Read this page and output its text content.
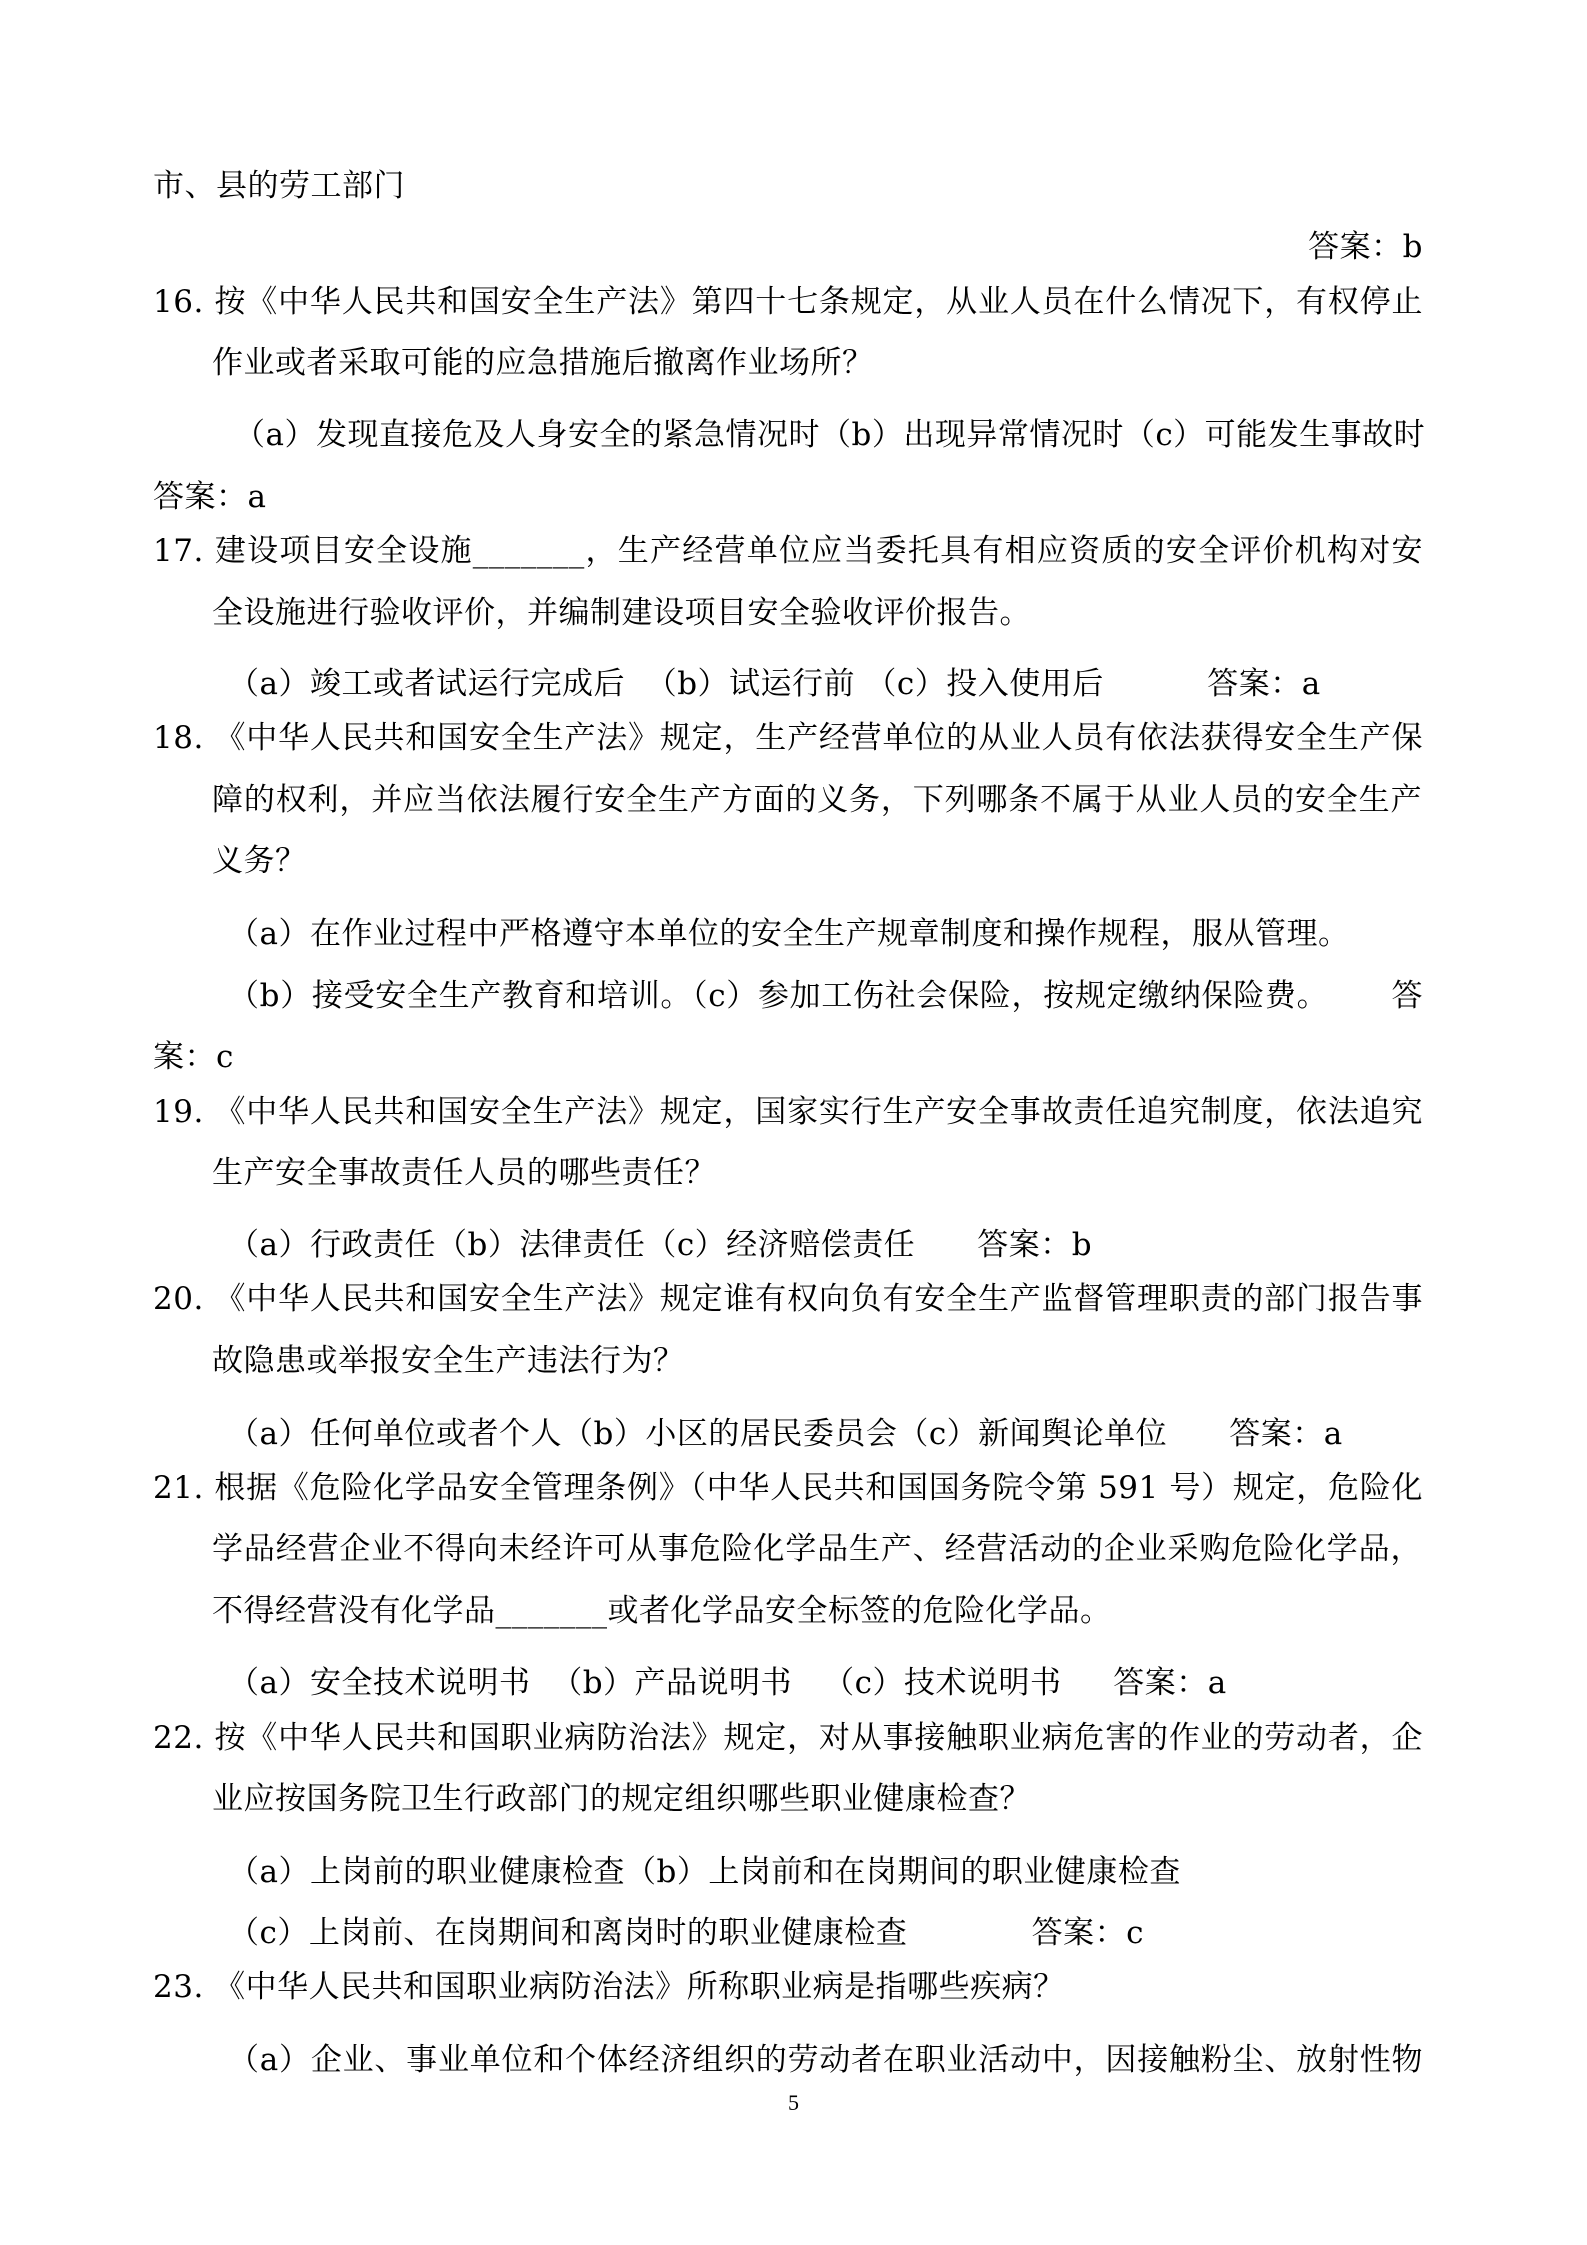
市、县的劳工部门
答案：b
16. 按《中华人民共和国安全生产法》第四十七条规定，从业人员在什么情况下，有权停止
作业或者采取可能的应急措施后撤离作业场所？
（a）发现直接危及人身安全的紧急情况时（b）出现异常情况时（c）可能发生事故时
答案：a
17. 建设项目安全设施_______，生产经营单位应当委托具有相应资质的安全评价机构对安
全设施进行验收评价，并编制建设项目安全验收评价报告。
（a）竣工或者试运行完成后  （b）试运行前 （c）投入使用后          答案：a
18. 《中华人民共和国安全生产法》规定，生产经营单位的从业人员有依法获得安全生产保
障的权利，并应当依法履行安全生产方面的义务，下列哪条不属于从业人员的安全生产
义务？
（a）在作业过程中严格遵守本单位的安全生产规章制度和操作规程，服从管理。
（b）接受安全生产教育和培训。（c）参加工伤社会保险，按规定缴纳保险费。      答
案：c
19. 《中华人民共和国安全生产法》规定，国家实行生产安全事故责任追究制度，依法追究
生产安全事故责任人员的哪些责任？
（a）行政责任（b）法律责任（c）经济赔偿责任      答案：b
20. 《中华人民共和国安全生产法》规定谁有权向负有安全生产监督管理职责的部门报告事
故隐患或举报安全生产违法行为？
（a）任何单位或者个人（b）小区的居民委员会（c）新闻舆论单位      答案：a
21. 根据《危险化学品安全管理条例》（中华人民共和国国务院令第 591 号）规定，危险化
学品经营企业不得向未经许可从事危险化学品生产、经营活动的企业采购危险化学品，
不得经营没有化学品_______或者化学品安全标签的危险化学品。
（a）安全技术说明书  （b）产品说明书   （c）技术说明书     答案：a
22. 按《中华人民共和国职业病防治法》规定，对从事接触职业病危害的作业的劳动者，企
业应按国务院卫生行政部门的规定组织哪些职业健康检查？
（a）上岗前的职业健康检查（b）上岗前和在岗期间的职业健康检查
（c）上岗前、在岗期间和离岗时的职业健康检查            答案：c
23. 《中华人民共和国职业病防治法》所称职业病是指哪些疾病？
（a）企业、事业单位和个体经济组织的劳动者在职业活动中，因接触粉尘、放射性物
5
